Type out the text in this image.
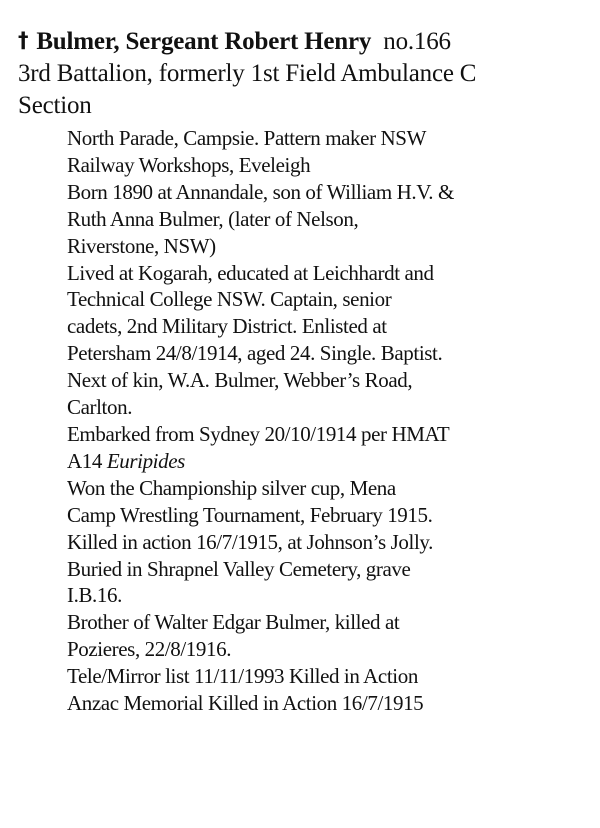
† Bulmer, Sergeant Robert Henry no.166
3rd Battalion, formerly 1st Field Ambulance C
Section
North Parade, Campsie. Pattern maker NSW
Railway Workshops, Eveleigh
Born 1890 at Annandale, son of William H.V. &
Ruth Anna Bulmer, (later of Nelson,
Riverstone, NSW)
Lived at Kogarah, educated at Leichhardt and
Technical College NSW. Captain, senior
cadets, 2nd Military District. Enlisted at
Petersham 24/8/1914, aged 24. Single. Baptist.
Next of kin, W.A. Bulmer, Webber’s Road,
Carlton.
Embarked from Sydney 20/10/1914 per HMAT
A14 Euripides
Won the Championship silver cup, Mena
Camp Wrestling Tournament, February 1915.
Killed in action 16/7/1915, at Johnson’s Jolly.
Buried in Shrapnel Valley Cemetery, grave
I.B.16.
Brother of Walter Edgar Bulmer, killed at
Pozieres, 22/8/1916.
Tele/Mirror list 11/11/1993 Killed in Action
Anzac Memorial Killed in Action 16/7/1915
